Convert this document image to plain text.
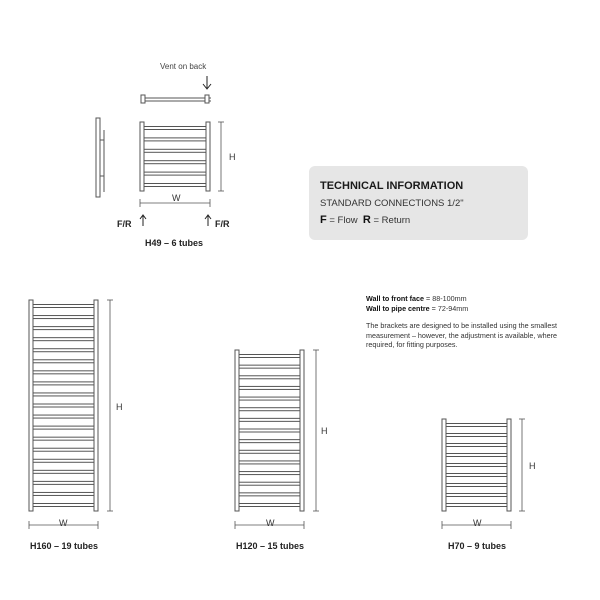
Vent on back
F/R	F/R
H
W
H49 – 6 tubes
TECHNICAL INFORMATION
STANDARD CONNECTIONS 1/2"
F = Flow R = Return
Wall to front face = 88-100mm
Wall to pipe centre = 72-94mm
The brackets are designed to be installed using the smallest measurement – however, the adjustment is available, where required, for fitting purposes.
H
W
H160 – 19 tubes
H
W
H120 – 15 tubes
H
W
H70 – 9 tubes
